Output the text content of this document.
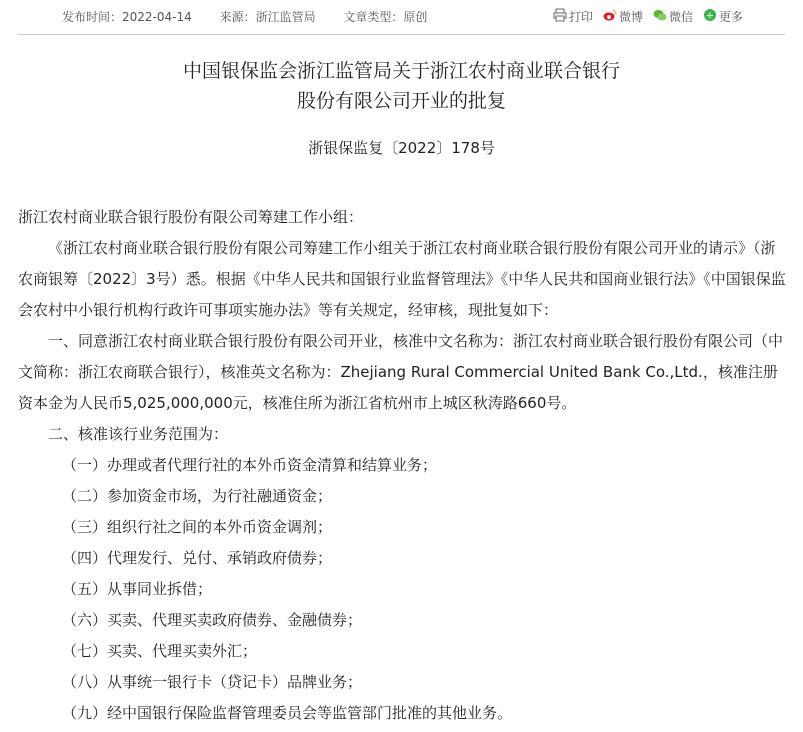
发布时间：2022-04-14 来源：浙江监管局 文章类型：原创	打印 微博 微信 + 更多
中国银保监会浙江监管局关于浙江农村商业联合银行
股份有限公司开业的批复
浙银保监复〔2022〕178号

浙江农村商业联合银行股份有限公司筹建工作小组：

《浙江农村商业联合银行股份有限公司筹建工作小组关于浙江农村商业联合银行股份有限公司开业的请示》（浙农商银筹〔2022〕3号）悉。根据《中华人民共和国银行业监督管理法》《中华人民共和国商业银行法》《中国银保监会农村中小银行机构行政许可事项实施办法》等有关规定，经审核，现批复如下：

一、同意浙江农村商业联合银行股份有限公司开业，核准中文名称为：浙江农村商业联合银行股份有限公司（中文简称：浙江农商联合银行），核准英文名称为：Zhejiang Rural Commercial United Bank Co.,Ltd.，核准注册资本金为人民币5,025,000,000元，核准住所为浙江省杭州市上城区秋涛路660号。

二、核准该行业务范围为：

（一）办理或者代理行社的本外币资金清算和结算业务；

（二）参加资金市场，为行社融通资金；

（三）组织行社之间的本外币资金调剂；

（四）代理发行、兑付、承销政府债券；

（五）从事同业拆借；

（六）买卖、代理买卖政府债券、金融债券；

（七）买卖、代理买卖外汇；

（八）从事统一银行卡（贷记卡）品牌业务；

（九）经中国银行保险监督管理委员会等监管部门批准的其他业务。
